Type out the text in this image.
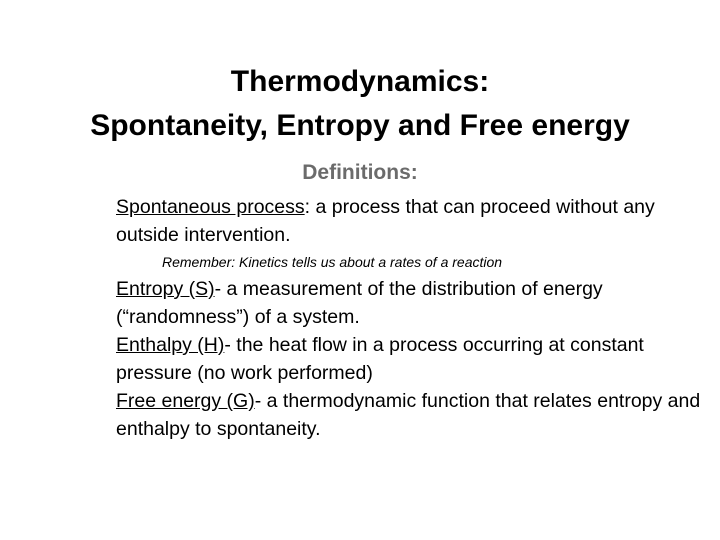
Thermodynamics:
Spontaneity, Entropy and Free energy
Definitions:

Spontaneous process: a process that can proceed without any outside intervention.

Remember: Kinetics tells us about a rates of a reaction

Entropy (S)- a measurement of the distribution of energy (“randomness”) of a system.

Enthalpy (H)- the heat flow in a process occurring at constant pressure (no work performed)

Free energy (G)- a thermodynamic function that relates entropy and enthalpy to spontaneity.
